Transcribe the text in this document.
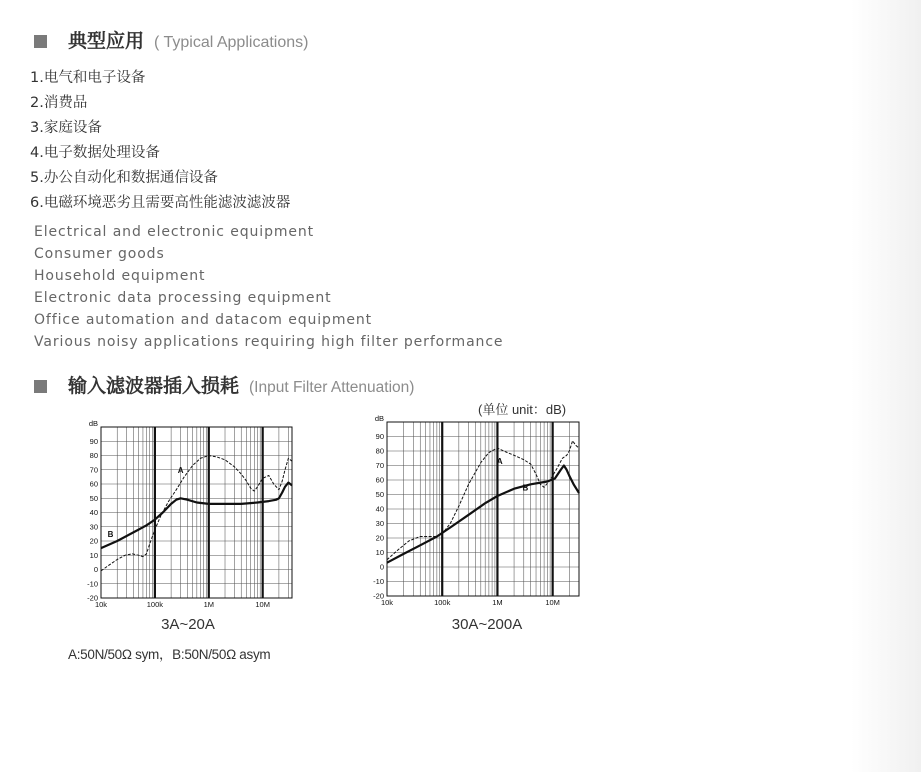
典型应用 ( Typical Applications)
1.电气和电子设备
2.消费品
3.家庭设备
4.电子数据处理设备
5.办公自动化和数据通信设备
6.电磁环境恶劣且需要高性能滤波滤波器
Electrical and electronic equipment
Consumer goods
Household equipment
Electronic data processing equipment
Office automation and datacom equipment
Various noisy applications requiring high filter performance
输入滤波器插入损耗 (Input Filter Attenuation)
(单位 unit：dB)
dB
90
80
70
60
50
40
30
20
10
0
-10
-20
10k	100k	1M	10M
A
B
dB
90
80
70
60
50
40
30
20
10
0
-10
-20
10k	100k	1M	10M
A
B
3A~20A	30A~200A
A:50N/50Ω sym，B:50N/50Ω asym
